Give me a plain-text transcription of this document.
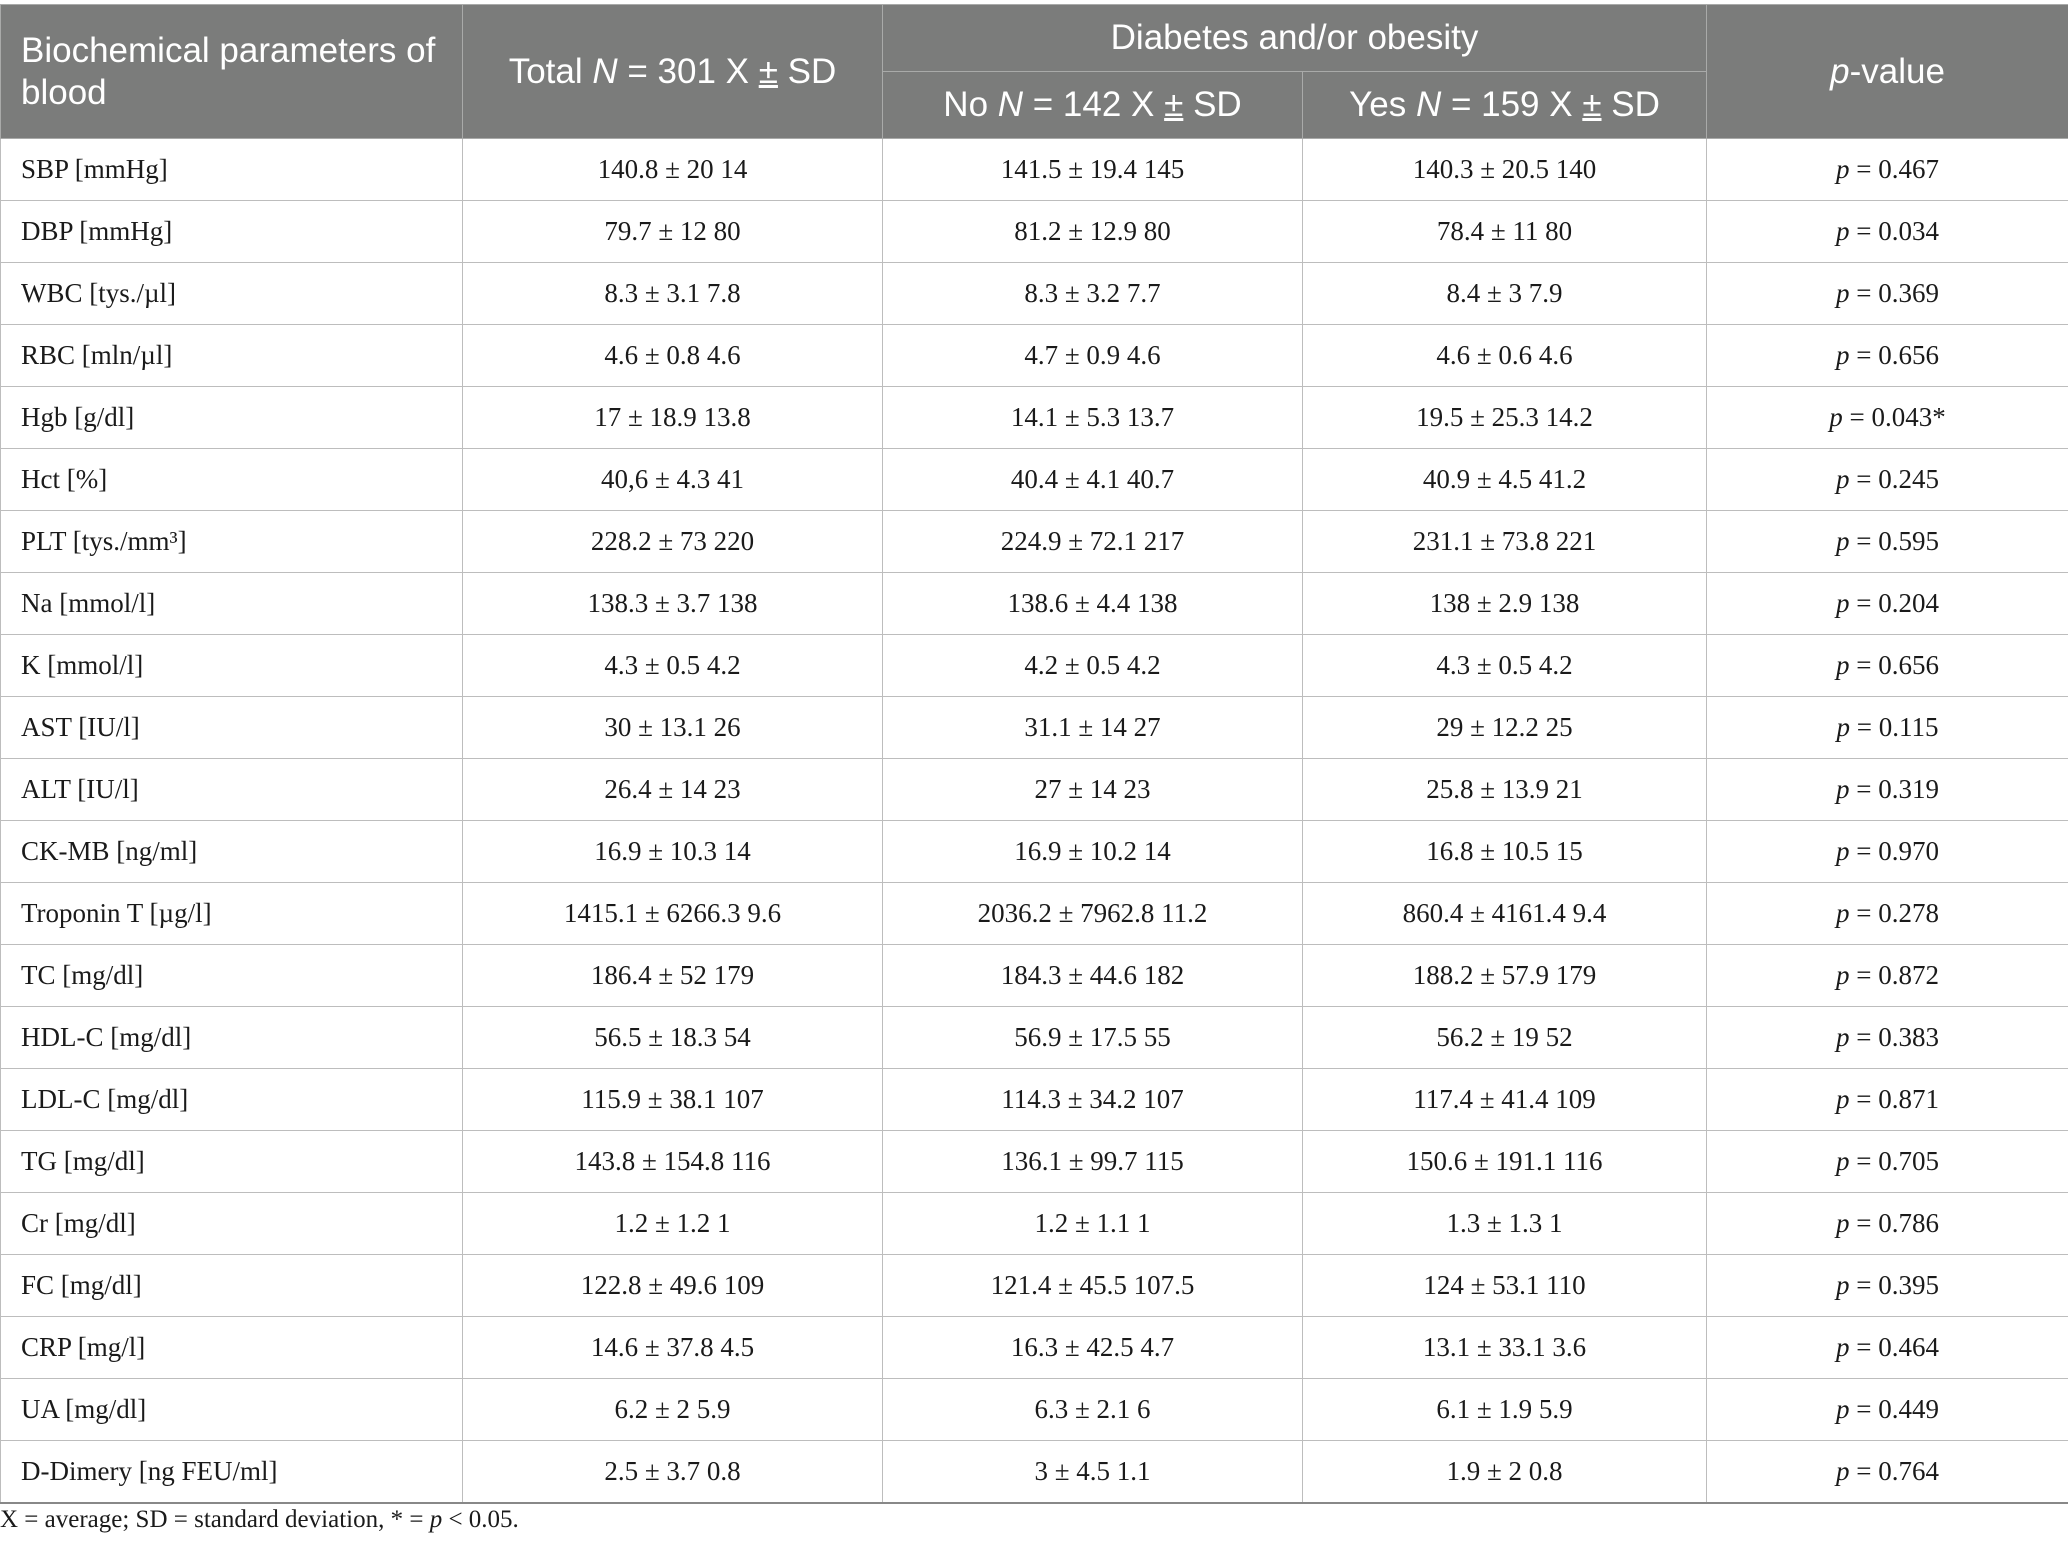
Biochemical parameters of blood	Total N = 301 X ± SD	Diabetes and/or obesity		p-value
		No N = 142 X ± SD	Yes N = 159 X ± SD	
SBP [mmHg]	140.8 ± 20 14	141.5 ± 19.4 145	140.3 ± 20.5 140	p = 0.467
DBP [mmHg]	79.7 ± 12 80	81.2 ± 12.9 80	78.4 ± 11 80	p = 0.034
WBC [tys./µl]	8.3 ± 3.1 7.8	8.3 ± 3.2 7.7	8.4 ± 3 7.9	p = 0.369
RBC [mln/µl]	4.6 ± 0.8 4.6	4.7 ± 0.9 4.6	4.6 ± 0.6 4.6	p = 0.656
Hgb [g/dl]	17 ± 18.9 13.8	14.1 ± 5.3 13.7	19.5 ± 25.3 14.2	p = 0.043*
Hct [%]	40,6 ± 4.3 41	40.4 ± 4.1 40.7	40.9 ± 4.5 41.2	p = 0.245
PLT [tys./mm³]	228.2 ± 73 220	224.9 ± 72.1 217	231.1 ± 73.8 221	p = 0.595
Na [mmol/l]	138.3 ± 3.7 138	138.6 ± 4.4 138	138 ± 2.9 138	p = 0.204
K [mmol/l]	4.3 ± 0.5 4.2	4.2 ± 0.5 4.2	4.3 ± 0.5 4.2	p = 0.656
AST [IU/l]	30 ± 13.1 26	31.1 ± 14 27	29 ± 12.2 25	p = 0.115
ALT [IU/l]	26.4 ± 14 23	27 ± 14 23	25.8 ± 13.9 21	p = 0.319
CK-MB [ng/ml]	16.9 ± 10.3 14	16.9 ± 10.2 14	16.8 ± 10.5 15	p = 0.970
Troponin T [µg/l]	1415.1 ± 6266.3 9.6	2036.2 ± 7962.8 11.2	860.4 ± 4161.4 9.4	p = 0.278
TC [mg/dl]	186.4 ± 52 179	184.3 ± 44.6 182	188.2 ± 57.9 179	p = 0.872
HDL-C [mg/dl]	56.5 ± 18.3 54	56.9 ± 17.5 55	56.2 ± 19 52	p = 0.383
LDL-C [mg/dl]	115.9 ± 38.1 107	114.3 ± 34.2 107	117.4 ± 41.4 109	p = 0.871
TG [mg/dl]	143.8 ± 154.8 116	136.1 ± 99.7 115	150.6 ± 191.1 116	p = 0.705
Cr [mg/dl]	1.2 ± 1.2 1	1.2 ± 1.1 1	1.3 ± 1.3 1	p = 0.786
FC [mg/dl]	122.8 ± 49.6 109	121.4 ± 45.5 107.5	124 ± 53.1 110	p = 0.395
CRP [mg/l]	14.6 ± 37.8 4.5	16.3 ± 42.5 4.7	13.1 ± 33.1 3.6	p = 0.464
UA [mg/dl]	6.2 ± 2 5.9	6.3 ± 2.1 6	6.1 ± 1.9 5.9	p = 0.449
D-Dimery [ng FEU/ml]	2.5 ± 3.7 0.8	3 ± 4.5 1.1	1.9 ± 2 0.8	p = 0.764
X = average; SD = standard deviation, * = p < 0.05.
